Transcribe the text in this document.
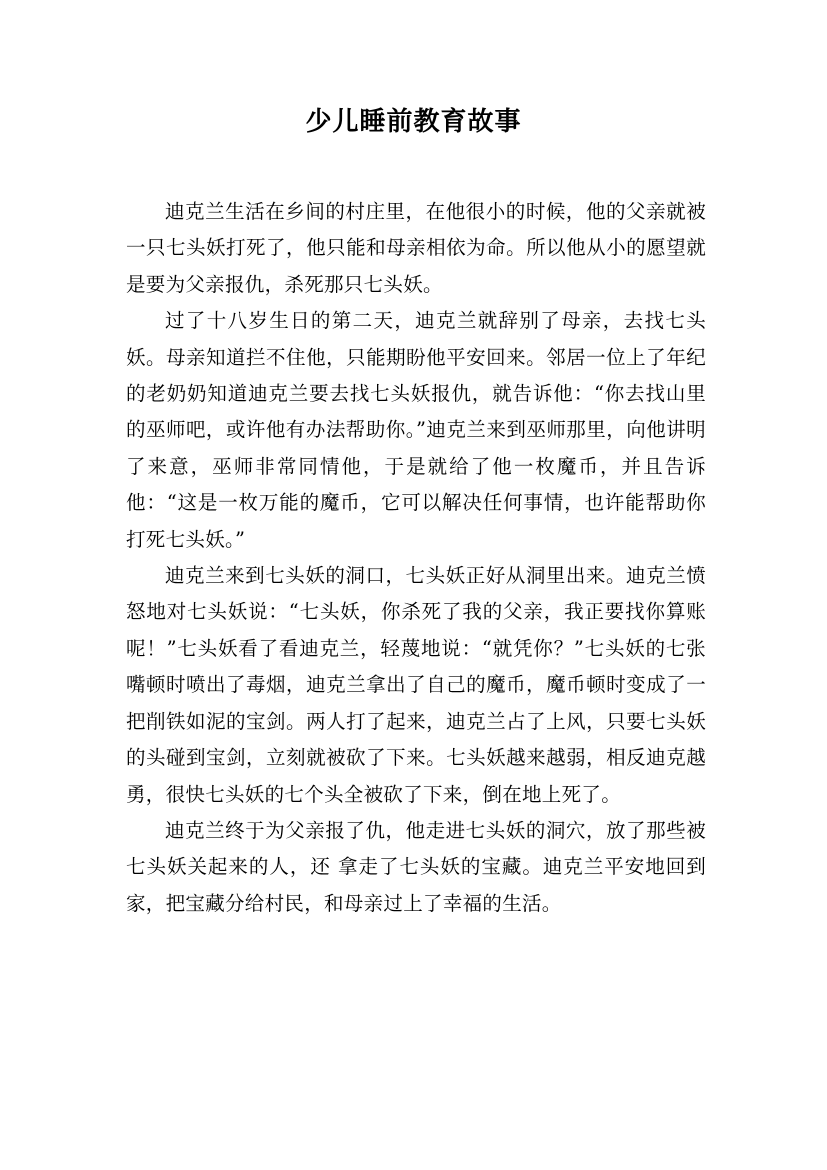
少儿睡前教育故事

迪克兰生活在乡间的村庄里，在他很小的时候，他的父亲就被一只七头妖打死了，他只能和母亲相依为命。所以他从小的愿望就是要为父亲报仇，杀死那只七头妖。

过了十八岁生日的第二天，迪克兰就辞别了母亲，去找七头妖。母亲知道拦不住他，只能期盼他平安回来。邻居一位上了年纪的老奶奶知道迪克兰要去找七头妖报仇，就告诉他：“你去找山里的巫师吧，或许他有办法帮助你。”迪克兰来到巫师那里，向他讲明了来意，巫师非常同情他，于是就给了他一枚魔币，并且告诉他：“这是一枚万能的魔币，它可以解决任何事情，也许能帮助你打死七头妖。”

迪克兰来到七头妖的洞口，七头妖正好从洞里出来。迪克兰愤怒地对七头妖说：“七头妖，你杀死了我的父亲，我正要找你算账呢！”七头妖看了看迪克兰，轻蔑地说：“就凭你？”七头妖的七张嘴顿时喷出了毒烟，迪克兰拿出了自己的魔币，魔币顿时变成了一把削铁如泥的宝剑。两人打了起来，迪克兰占了上风，只要七头妖的头碰到宝剑，立刻就被砍了下来。七头妖越来越弱，相反迪克越勇，很快七头妖的七个头全被砍了下来，倒在地上死了。

迪克兰终于为父亲报了仇，他走进七头妖的洞穴，放了那些被七头妖关起来的人，还 拿走了七头妖的宝藏。迪克兰平安地回到家，把宝藏分给村民，和母亲过上了幸福的生活。
